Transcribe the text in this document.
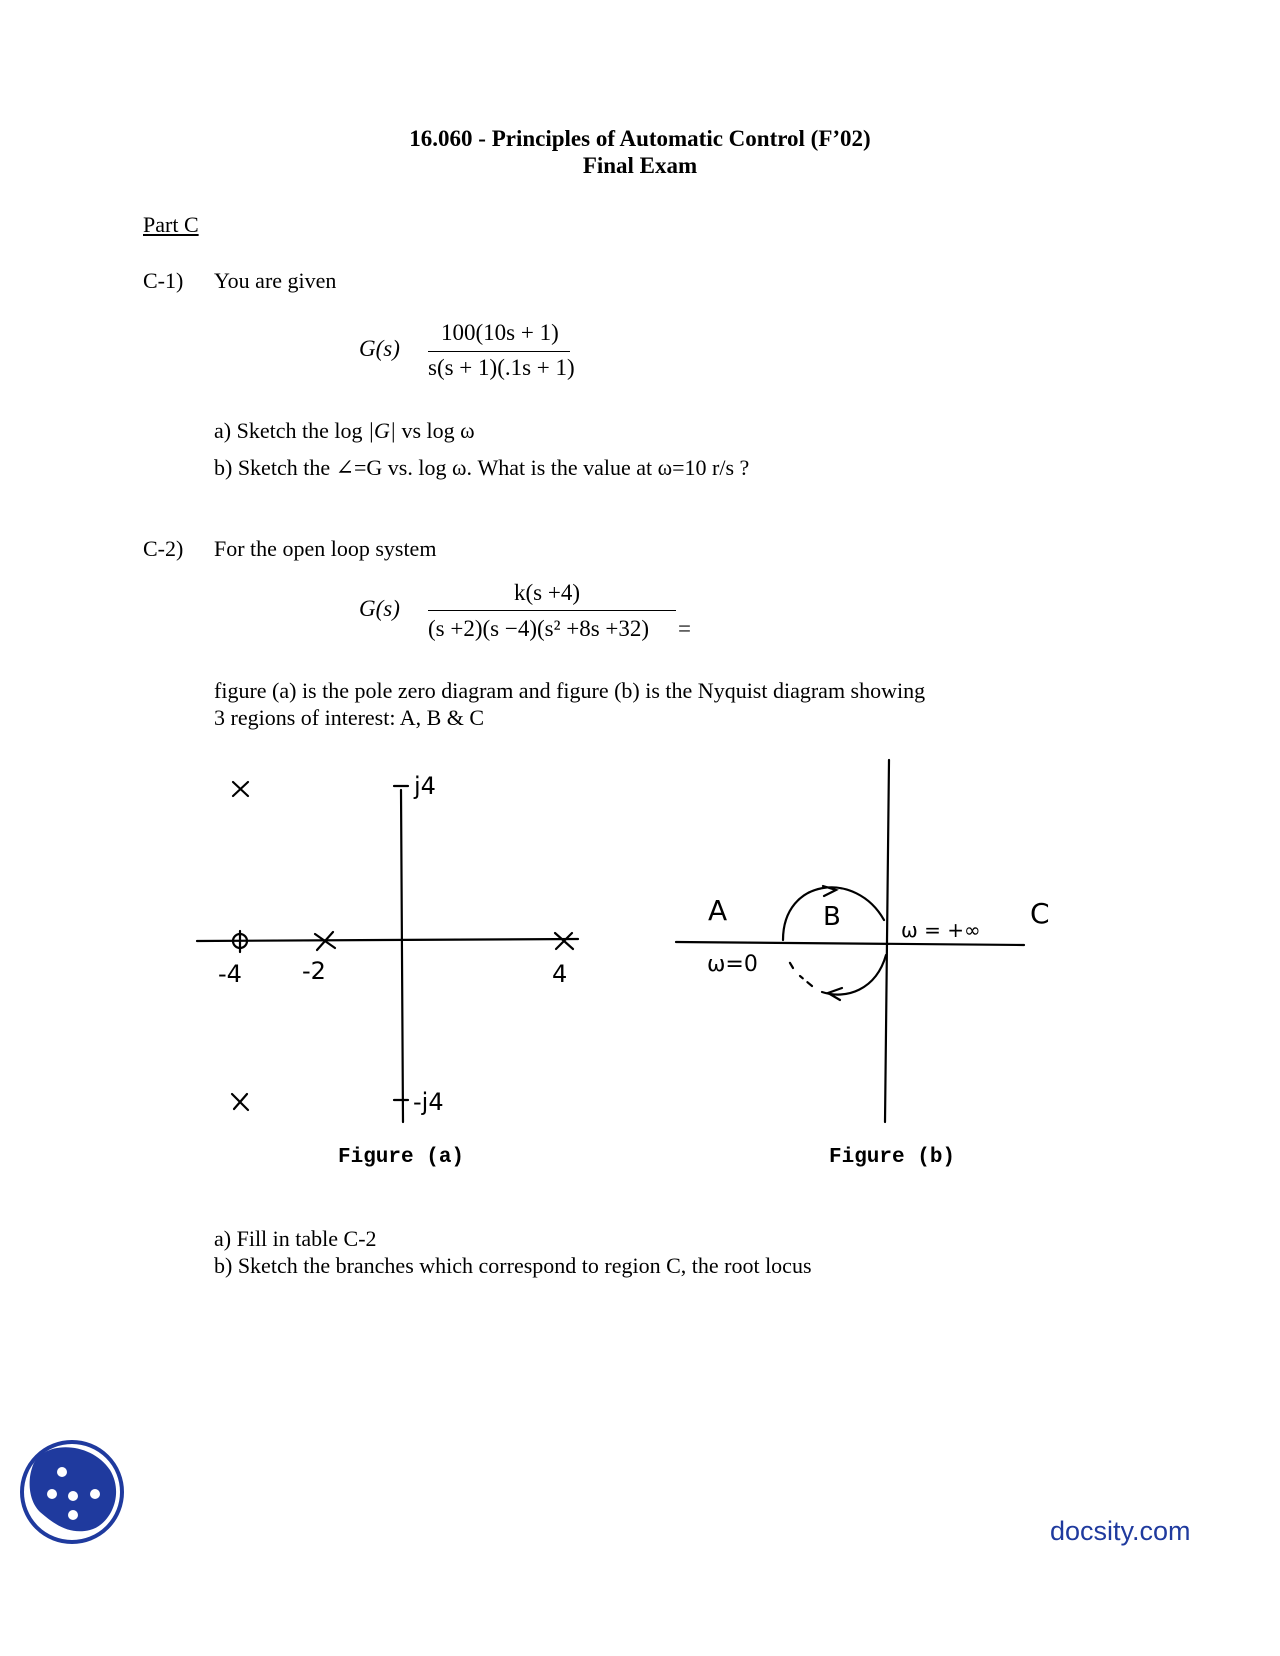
16.060 - Principles of Automatic Control (F’02)
Final Exam
Part C
C-1) You are given
G(s)
100(10s + 1)
s(s + 1)(.1s + 1)
a) Sketch the log |G| vs log ω
b) Sketch the ∠=G vs. log ω. What is the value at ω=10 r/s ?
C-2) For the open loop system
G(s)
k(s +4)
(s +2)(s −4)(s² +8s +32) =
figure (a) is the pole zero diagram and figure (b) is the Nyquist diagram showing
3 regions of interest: A, B & C
j4
-j4
-4	-2	4
Figure (a)
A	B	C
ω=0
ω = +∞
Figure (b)
a) Fill in table C-2
b) Sketch the branches which correspond to region C, the root locus
docsity.com
